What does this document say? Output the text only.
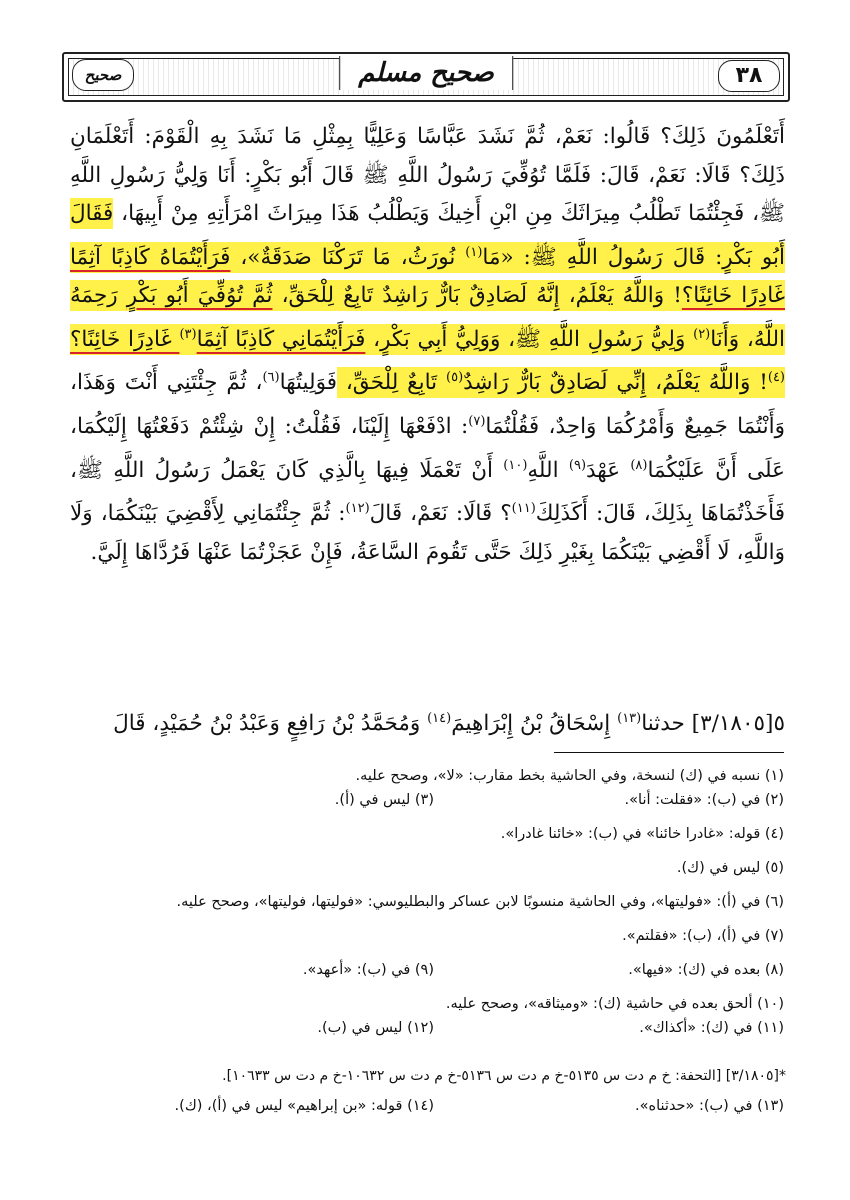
٣٨
صحيح مسلم
صحيح

أَتَعْلَمُونَ ذَلِكَ؟ قَالُوا: نَعَمْ، ثُمَّ نَشَدَ عَبَّاسًا وَعَلِيًّا بِمِثْلِ مَا نَشَدَ بِهِ الْقَوْمَ: أَتَعْلَمَانِ ذَلِكَ؟ قَالَا: نَعَمْ، قَالَ: فَلَمَّا تُوُفِّيَ رَسُولُ اللَّهِ ﷺ قَالَ أَبُو بَكْرٍ: أَنَا وَلِيُّ رَسُولِ اللَّهِ ﷺ، فَجِئْتُمَا تَطْلُبُ مِيرَاثَكَ مِنِ ابْنِ أَخِيكَ وَيَطْلُبُ هَذَا مِيرَاثَ امْرَأَتِهِ مِنْ أَبِيهَا، فَقَالَ أَبُو بَكْرٍ: قَالَ رَسُولُ اللَّهِ ﷺ: «مَا$^{(١)}$ نُورَثُ، مَا تَرَكْنَا صَدَقَةٌ»، فَرَأَيْتُمَاهُ كَاذِبًا آثِمًا غَادِرًا خَائِنًا؟! وَاللَّهُ يَعْلَمُ، إِنَّهُ لَصَادِقٌ بَارٌّ رَاشِدٌ تَابِعٌ لِلْحَقِّ، ثُمَّ تُوُفِّيَ أَبُو بَكْرٍ رَحِمَهُ اللَّهُ، وَأَنَا$^{(٢)}$ وَلِيُّ رَسُولِ اللَّهِ ﷺ، وَوَلِيُّ أَبِي بَكْرٍ، فَرَأَيْتُمَانِي كَاذِبًا آثِمًا$^{(٣)}$ غَادِرًا خَائِنًا؟$^{(٤)}$! وَاللَّهُ يَعْلَمُ، إِنِّي لَصَادِقٌ بَارٌّ رَاشِدٌ$^{(٥)}$ تَابِعٌ لِلْحَقِّ، فَوَلِيتُهَا$^{(٦)}$، ثُمَّ جِئْتَنِي أَنْتَ وَهَذَا، وَأَنْتُمَا جَمِيعٌ وَأَمْرُكُمَا وَاحِدٌ، فَقُلْتُمَا$^{(٧)}$: ادْفَعْهَا إِلَيْنَا، فَقُلْتُ: إِنْ شِئْتُمْ دَفَعْتُهَا إِلَيْكُمَا، عَلَى أَنَّ عَلَيْكُمَا$^{(٨)}$ عَهْدَ$^{(٩)}$ اللَّهِ$^{(١٠)}$ أَنْ تَعْمَلَا فِيهَا بِالَّذِي كَانَ يَعْمَلُ رَسُولُ اللَّهِ ﷺ، فَأَخَذْتُمَاهَا بِذَلِكَ، قَالَ: أَكَذَلِكَ$^{(١١)}$؟ قَالَا: نَعَمْ، قَالَ$^{(١٢)}$: ثُمَّ جِئْتُمَانِي لِأَقْضِيَ بَيْنَكُمَا، وَلَا وَاللَّهِ، لَا أَقْضِي بَيْنَكُمَا بِغَيْرِ ذَلِكَ حَتَّى تَقُومَ السَّاعَةُ، فَإِنْ عَجَزْتُمَا عَنْهَا فَرُدَّاهَا إِلَيَّ.

٥[٣/١٨٠٥] حدثنا$^{(١٣)}$ إِسْحَاقُ بْنُ إِبْرَاهِيمَ$^{(١٤)}$ وَمُحَمَّدُ بْنُ رَافِعٍ وَعَبْدُ بْنُ حُمَيْدٍ، قَالَ
(١) نسبه في (ك) لنسخة، وفي الحاشية بخط مقارب: «لا»، وصحح عليه.
(٢) في (ب): «فقلت: أنا».
(٣) ليس في (أ).
(٤) قوله: «غادرا خائنا» في (ب): «خائنا غادرا».
(٥) ليس في (ك).
(٦) في (أ): «فوليتها»، وفي الحاشية منسوبًا لابن عساكر والبطليوسي: «فوليتها، فوليتها»، وصحح عليه.
(٧) في (أ)، (ب): «فقلتم».
(٨) بعده في (ك): «فيها».
(٩) في (ب): «أعهد».
(١٠) ألحق بعده في حاشية (ك): «وميثاقه»، وصحح عليه.
(١١) في (ك): «أكذاك».
(١٢) ليس في (ب).
*[٣/١٨٠٥] [التحفة: خ م دت س ٥١٣٥-خ م دت س ٥١٣٦-خ م دت س ١٠٦٣٢-خ م دت س ١٠٦٣٣].
(١٣) في (ب): «حدثناه».
(١٤) قوله: «بن إبراهيم» ليس في (أ)، (ك).
